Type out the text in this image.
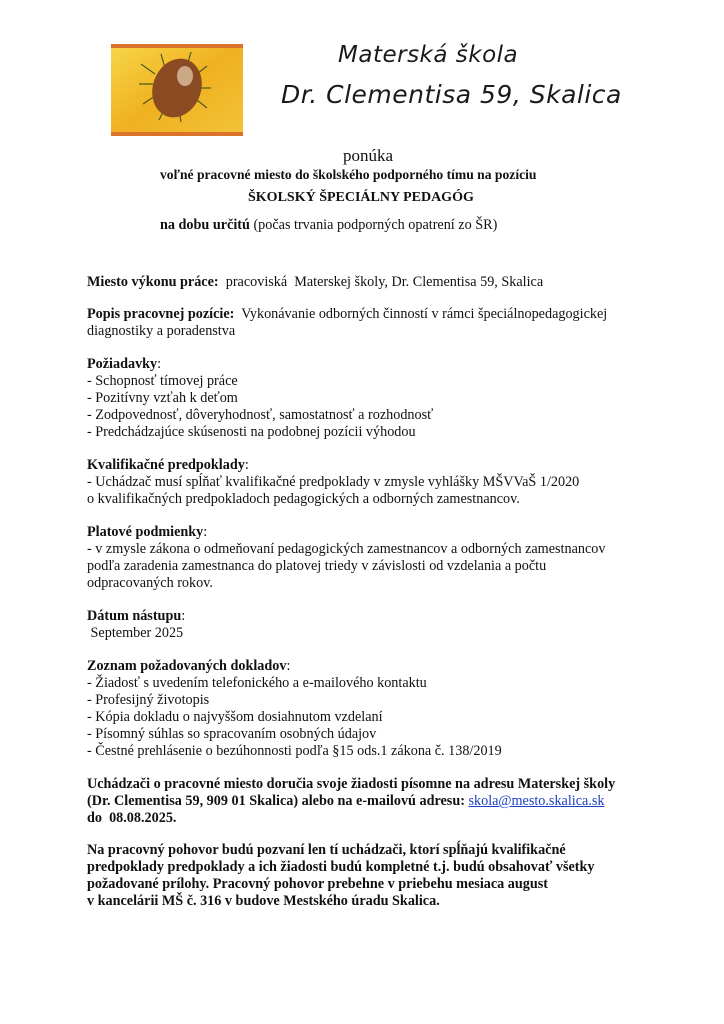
Materská škola
Dr. Clementisa 59, Skalica
ponúka
voľné pracovné miesto do školského podporného tímu na pozíciu
ŠKOLSKÝ ŠPECIÁLNY PEDAGÓG
na dobu určitú (počas trvania podporných opatrení zo ŠR)

Miesto výkonu práce:  pracoviská  Materskej školy, Dr. Clementisa 59, Skalica

Popis pracovnej pozície:  Vykonávanie odborných činností v rámci špeciálnopedagogickej

diagnostiky a poradenstva

Požiadavky:

- Schopnosť tímovej práce

- Pozitívny vzťah k deťom

- Zodpovednosť, dôveryhodnosť, samostatnosť a rozhodnosť

- Predchádzajúce skúsenosti na podobnej pozícii výhodou

Kvalifikačné predpoklady:

- Uchádzač musí spĺňať kvalifikačné predpoklady v zmysle vyhlášky MŠVVaŠ 1/2020

o kvalifikačných predpokladoch pedagogických a odborných zamestnancov.

Platové podmienky:

- v zmysle zákona o odmeňovaní pedagogických zamestnancov a odborných zamestnancov

podľa zaradenia zamestnanca do platovej triedy v závislosti od vzdelania a počtu

odpracovaných rokov.

Dátum nástupu:

September 2025

Zoznam požadovaných dokladov:

- Žiadosť s uvedením telefonického a e-mailového kontaktu

- Profesijný životopis

- Kópia dokladu o najvyššom dosiahnutom vzdelaní

- Písomný súhlas so spracovaním osobných údajov

- Čestné prehlásenie o bezúhonnosti podľa §15 ods.1 zákona č. 138/2019

Uchádzači o pracovné miesto doručia svoje žiadosti písomne na adresu Materskej školy

(Dr. Clementisa 59, 909 01 Skalica) alebo na e-mailovú adresu: skola@mesto.skalica.sk

do  08.08.2025.

Na pracovný pohovor budú pozvaní len tí uchádzači, ktorí spĺňajú kvalifikačné

predpoklady predpoklady a ich žiadosti budú kompletné t.j. budú obsahovať všetky

požadované prílohy. Pracovný pohovor prebehne v priebehu mesiaca august

v kancelárii MŠ č. 316 v budove Mestského úradu Skalica.
